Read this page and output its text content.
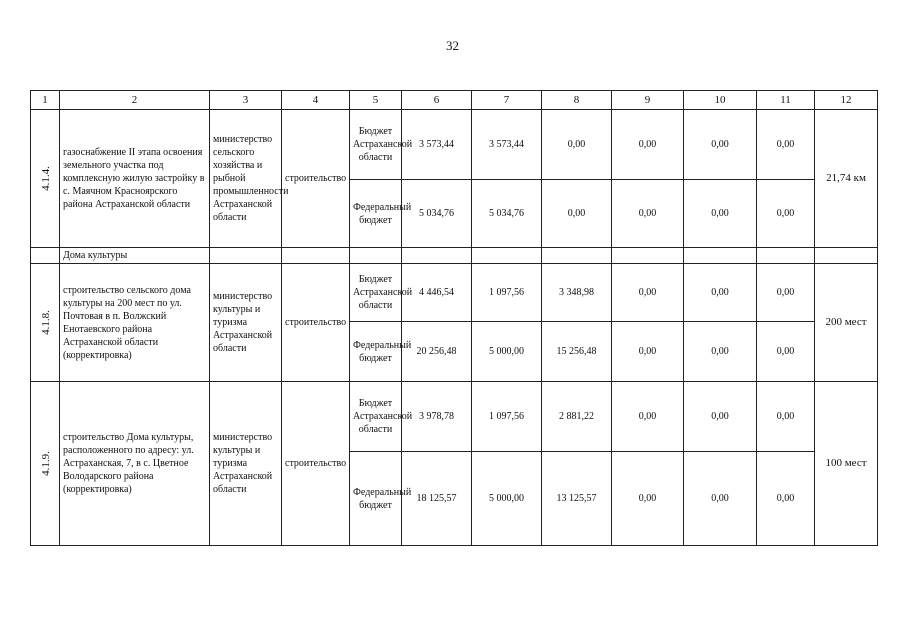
32
1	2	3	4	5	6	7	8	9	10	11	12
4.1.4.	газоснабжение II этапа освоения земельного участка под комплексную жилую застройку в с. Маячном Красноярского района Астраханской области	министерство сельского хозяйства и рыбной промышленности Астраханской области	строительство	Бюджет Астраханской области	3 573,44	3 573,44	0,00	0,00	0,00	0,00	21,74 км
				Федеральный бюджет	5 034,76	5 034,76	0,00	0,00	0,00	0,00	
	Дома культуры										
4.1.8.	строительство сельского дома культуры на 200 мест по ул. Почтовая в п. Волжский Енотаевского района Астраханской области (корректировка)	министерство культуры и туризма Астраханской области	строительство	Бюджет Астраханской области	4 446,54	1 097,56	3 348,98	0,00	0,00	0,00	200 мест
				Федеральный бюджет	20 256,48	5 000,00	15 256,48	0,00	0,00	0,00	
4.1.9.	строительство Дома культуры, расположенного по адресу: ул. Астраханская, 7, в с. Цветное Володарского района (корректировка)	министерство культуры и туризма Астраханской области	строительство	Бюджет Астраханской области	3 978,78	1 097,56	2 881,22	0,00	0,00	0,00	100 мест
				Федеральный бюджет	18 125,57	5 000,00	13 125,57	0,00	0,00	0,00	
